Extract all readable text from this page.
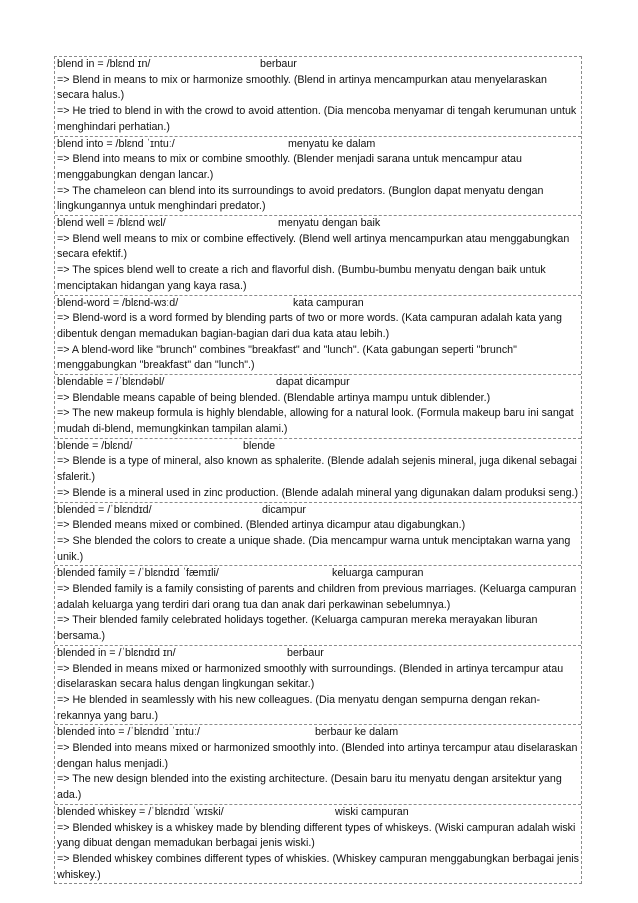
blend in = /blɛnd ɪn/	berbaur
=> Blend in means to mix or harmonize smoothly. (Blend in artinya mencampurkan atau menyelaraskan secara halus.)
=> He tried to blend in with the crowd to avoid attention. (Dia mencoba menyamar di tengah kerumunan untuk menghindari perhatian.)
blend into = /blɛnd ˈɪntuː/	menyatu ke dalam
=> Blend into means to mix or combine smoothly. (Blender menjadi sarana untuk mencampur atau menggabungkan dengan lancar.)
=> The chameleon can blend into its surroundings to avoid predators. (Bunglon dapat menyatu dengan lingkungannya untuk menghindari predator.)
blend well = /blɛnd wɛl/	menyatu dengan baik
=> Blend well means to mix or combine effectively. (Blend well artinya mencampurkan atau menggabungkan secara efektif.)
=> The spices blend well to create a rich and flavorful dish. (Bumbu-bumbu menyatu dengan baik untuk menciptakan hidangan yang kaya rasa.)
blend-word = /blɛnd-wɜːd/	kata campuran
=> Blend-word is a word formed by blending parts of two or more words. (Kata campuran adalah kata yang dibentuk dengan memadukan bagian-bagian dari dua kata atau lebih.)
=> A blend-word like "brunch" combines "breakfast" and "lunch". (Kata gabungan seperti "brunch" menggabungkan "breakfast" dan "lunch".)
blendable = /ˈblɛndəbl/	dapat dicampur
=> Blendable means capable of being blended. (Blendable artinya mampu untuk diblender.)
=> The new makeup formula is highly blendable, allowing for a natural look. (Formula makeup baru ini sangat mudah di-blend, memungkinkan tampilan alami.)
blende = /blɛnd/	blende
=> Blende is a type of mineral, also known as sphalerite. (Blende adalah sejenis mineral, juga dikenal sebagai sfalerit.)
=> Blende is a mineral used in zinc production. (Blende adalah mineral yang digunakan dalam produksi seng.)
blended = /ˈblɛndɪd/	dicampur
=> Blended means mixed or combined. (Blended artinya dicampur atau digabungkan.)
=> She blended the colors to create a unique shade. (Dia mencampur warna untuk menciptakan warna yang unik.)
blended family = /ˈblɛndɪd ˈfæmɪli/	keluarga campuran
=> Blended family is a family consisting of parents and children from previous marriages. (Keluarga campuran adalah keluarga yang terdiri dari orang tua dan anak dari perkawinan sebelumnya.)
=> Their blended family celebrated holidays together. (Keluarga campuran mereka merayakan liburan bersama.)
blended in = /ˈblɛndɪd ɪn/	berbaur
=> Blended in means mixed or harmonized smoothly with surroundings. (Blended in artinya tercampur atau diselaraskan secara halus dengan lingkungan sekitar.)
=> He blended in seamlessly with his new colleagues. (Dia menyatu dengan sempurna dengan rekan-rekannya yang baru.)
blended into = /ˈblɛndɪd ˈɪntuː/	berbaur ke dalam
=> Blended into means mixed or harmonized smoothly into. (Blended into artinya tercampur atau diselaraskan dengan halus menjadi.)
=> The new design blended into the existing architecture. (Desain baru itu menyatu dengan arsitektur yang ada.)
blended whiskey = /ˈblɛndɪd ˈwɪski/	wiski campuran
=> Blended whiskey is a whiskey made by blending different types of whiskeys. (Wiski campuran adalah wiski yang dibuat dengan memadukan berbagai jenis wiski.)
=> Blended whiskey combines different types of whiskies. (Whiskey campuran menggabungkan berbagai jenis whiskey.)
